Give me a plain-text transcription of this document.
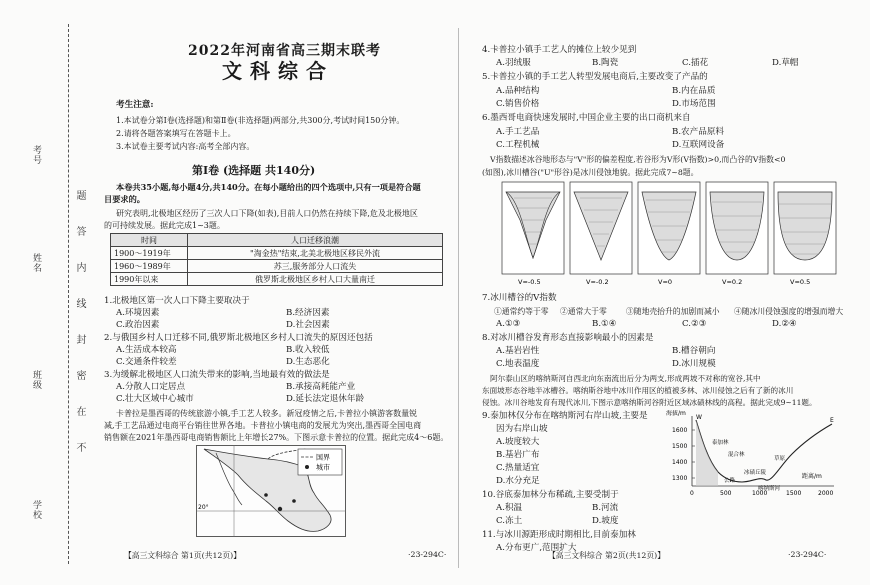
考号
姓名
班级
学校
题答内线封密在不
2022年河南省高三期末联考
文科综合
考生注意:
1.本试卷分第Ⅰ卷(选择题)和第Ⅱ卷(非选择题)两部分,共300分,考试时间150分钟。
2.请将各题答案填写在答题卡上。
3.本试卷主要考试内容:高考全部内容。
第Ⅰ卷 (选择题 共140分)
本卷共35小题,每小题4分,共140分。在每小题给出的四个选项中,只有一项是符合题
目要求的。
研究表明,北极地区经历了三次人口下降(如表),目前人口仍然在持续下降,危及北极地区
的可持续发展。据此完成1~3题。
时间	人口迁移浪潮
1900～1919年	"淘金热"结束,北美北极地区移民外流
1960～1989年	苏三,服务部分人口流失
1990年以来	俄罗斯北极地区乡村人口大量南迁
1.北极地区第一次人口下降主要取决于
A.环境因素	B.经济因素
C.政治因素	D.社会因素
2.与俄国乡村人口迁移不同,俄罗斯北极地区乡村人口流失的原因还包括
A.生活成本较高	B.收入较低
C.交通条件较差	D.生态恶化
3.为缓解北极地区人口流失带来的影响,当地最有效的做法是
A.分散人口定居点	B.承接高耗能产业
C.壮大区域中心城市	D.延长法定退休年龄
卡普拉是墨西哥的传统旅游小镇,手工艺人较多。新冠疫情之后,卡普拉小镇游客数量锐
减,手工艺品通过电商平台销往世界各地。卡普拉小镇电商的发展尤为突出,墨西哥全国电商
销售额在2021年墨西哥电商销售额比上年增长27%。下图示意卡普拉的位置。据此完成4～6题。
国界
城市
20°
【高三文科综合 第1页(共12页)】	·23-294C·
4.卡普拉小镇手工艺人的摊位上较少见到
A.羽绒服	B.陶瓷	C.插花	D.草帽
5.卡普拉小镇的手工艺人转型发展电商后,主要改变了产品的
A.品种结构	B.内在品质
C.销售价格	D.市场范围
6.墨西哥电商快速发展时,中国企业主要的出口商机来自
A.手工艺品	B.农产品原料
C.工程机械	D.互联网设备
V指数描述冰谷地形态与"V"形的偏差程度,若谷形为V形(V指数)>0,而凸谷的V指数<0
(如图),冰川槽谷("U"形谷)是冰川侵蚀地貌。据此完成7~8题。
V=-0.5	V=-0.2	V=0	V=0.2	V=0.5
7.冰川槽谷的V指数
①通常约等于零 ②通常大于零 ③随地壳抬升的加剧而减小 ④随冰川侵蚀强度的增强而增大
A.①③	B.①④	C.②③	D.②④
8.对冰川槽谷发育形态直接影响最小的因素是
A.基岩岩性	B.槽谷朝向
C.地表温度	D.冰川规模
阿尔泰山区的喀纳斯河自西北向东南流出后分为两支,形成两坡不对称的宽谷,其中
东面坡形态谷地半冰槽谷。喀纳斯谷地中冰川作用区的植被多林、冰川侵蚀之后有了新的冰川
侵蚀。冰川谷地发育有现代冰川,下图示意喀纳斯河谷附近区域冰碛林线的高程。据此完成9~11题。
9.泰加林仅分布在喀纳斯河右岸山坡,主要是
因为右岸山坡
A.坡度较大
B.基岩广布
C.热量适宜
D.水分充足
10.谷底泰加林分布稀疏,主要受制于
A.积温	B.河流
C.冻土	D.坡度
11.与冰川源距形成时期相比,目前泰加林
A.分布更广,范围扩大
海拔/m
1600
1500
1400
1300
0	500	1000	1500	2000
距离/m
W	E
泰加林
混合林
草原
冰碛丘陵
公路
喀纳斯河
【高三文科综合 第2页(共12页)】	·23-294C·
